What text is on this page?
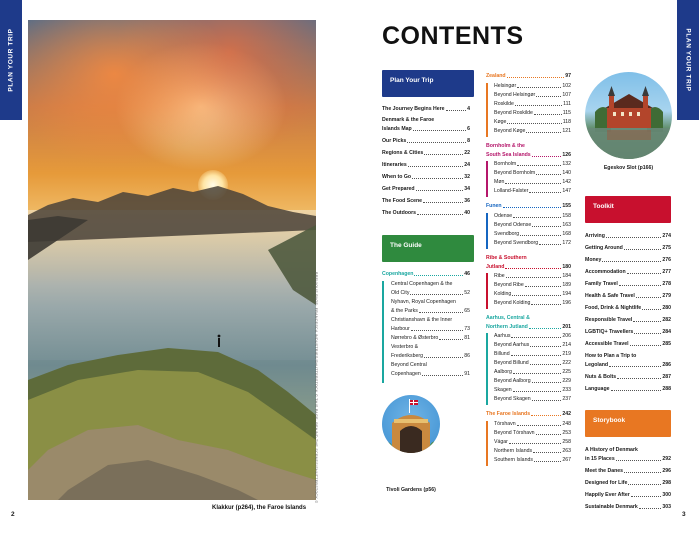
PLAN YOUR TRIP	PLAN YOUR TRIP
Klakkur (p264), the Faroe Islands
PREVIOUS PAGE: FRANCESCA INDUSTRIES/SHUTTERSTOCK © THIS PAGE: BEHIND THE SCENES/SHUTTERSTOCK ©
2	3
CONTENTS
Plan Your Trip
The Journey Begins Here	4
Denmark & the Faroe
Islands Map	6
Our Picks	8
Regions & Cities	22
Itineraries	24
When to Go	32
Get Prepared	34
The Food Scene	36
The Outdoors	40
The Guide
Copenhagen	46
Central Copenhagen & the
Old City	52
Nyhavn, Royal Copenhagen
& the Parks	65
Christianshavn & the Inner
Harbour	73
Nørrebro & Østerbro	81
Vesterbro &
Frederiksberg	86
Beyond Central
Copenhagen	91
Tivoli Gardens (p56)
Zealand	97
Helsingør	102
Beyond Helsingør	107
Roskilde	111
Beyond Roskilde	115
Køge	118
Beyond Køge	121
Bornholm & the
South Sea Islands	126
Bornholm	132
Beyond Bornholm	140
Møn	142
Lolland-Falster	147
Funen	155
Odense	158
Beyond Odense	163
Svendborg	168
Beyond Svendborg	172
Ribe & Southern
Jutland	180
Ribe	184
Beyond Ribe	189
Kolding	194
Beyond Kolding	196
Aarhus, Central &
Northern Jutland	201
Aarhus	206
Beyond Aarhus	214
Billund	219
Beyond Billund	222
Aalborg	225
Beyond Aalborg	229
Skagen	233
Beyond Skagen	237
The Faroe Islands	242
Tórshavn	248
Beyond Tórshavn	253
Vágar	258
Northern Islands	263
Southern Islands	267
Egeskov Slot (p166)
Toolkit
Arriving	274
Getting Around	275
Money	276
Accommodation	277
Family Travel	278
Health & Safe Travel	279
Food, Drink & Nightlife	280
Responsible Travel	282
LGBTIQ+ Travellers	284
Accessible Travel	285
How to Plan a Trip to
Legoland	286
Nuts & Bolts	287
Language	288
Storybook
A History of Denmark
in 15 Places	292
Meet the Danes	296
Designed for Life	298
Happily Ever After	300
Sustainable Denmark	303
